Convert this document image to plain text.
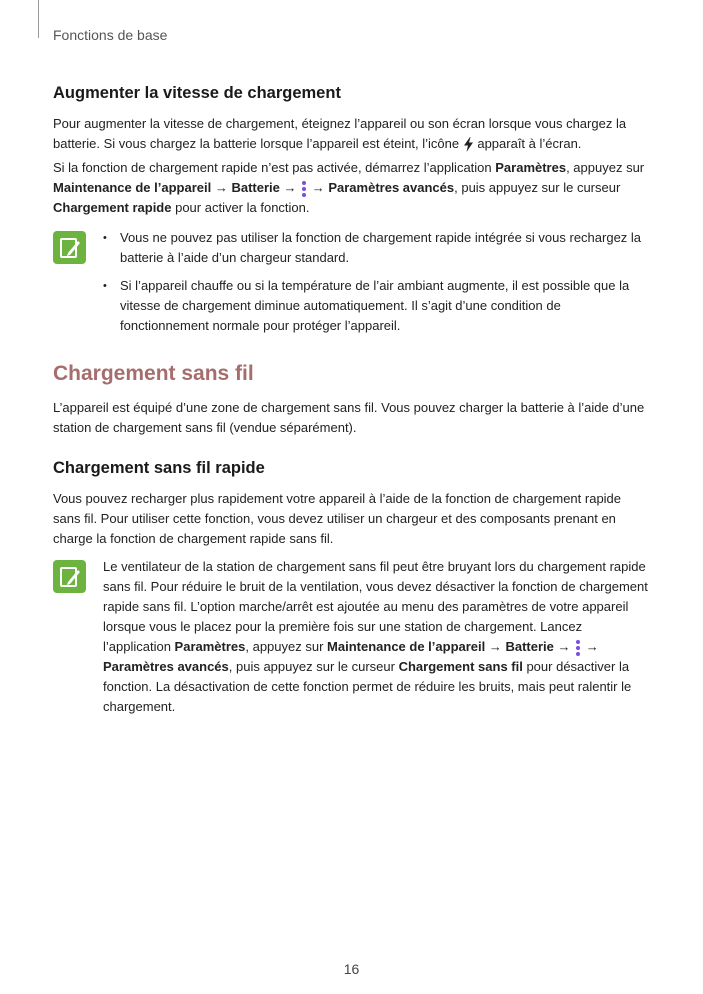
Fonctions de base
Augmenter la vitesse de chargement

Pour augmenter la vitesse de chargement, éteignez l’appareil ou son écran lorsque vous chargez la batterie. Si vous chargez la batterie lorsque l’appareil est éteint, l’icône  apparaît à l’écran.

Si la fonction de chargement rapide n’est pas activée, démarrez l’application Paramètres, appuyez sur Maintenance de l’appareil → Batterie →  → Paramètres avancés, puis appuyez sur le curseur Chargement rapide pour activer la fonction.

• Vous ne pouvez pas utiliser la fonction de chargement rapide intégrée si vous rechargez la batterie à l’aide d’un chargeur standard.
• Si l’appareil chauffe ou si la température de l’air ambiant augmente, il est possible que la vitesse de chargement diminue automatiquement. Il s’agit d’une condition de fonctionnement normale pour protéger l’appareil.
Chargement sans fil

L’appareil est équipé d’une zone de chargement sans fil. Vous pouvez charger la batterie à l’aide d’une station de chargement sans fil (vendue séparément).

Chargement sans fil rapide

Vous pouvez recharger plus rapidement votre appareil à l’aide de la fonction de chargement rapide sans fil. Pour utiliser cette fonction, vous devez utiliser un chargeur et des composants prenant en charge la fonction de chargement rapide sans fil.

Le ventilateur de la station de chargement sans fil peut être bruyant lors du chargement rapide sans fil. Pour réduire le bruit de la ventilation, vous devez désactiver la fonction de chargement rapide sans fil. L’option marche/arrêt est ajoutée au menu des paramètres de votre appareil lorsque vous le placez pour la première fois sur une station de chargement. Lancez l’application Paramètres, appuyez sur Maintenance de l’appareil → Batterie →  → Paramètres avancés, puis appuyez sur le curseur Chargement sans fil pour désactiver la fonction. La désactivation de cette fonction permet de réduire les bruits, mais peut ralentir le chargement.

16
